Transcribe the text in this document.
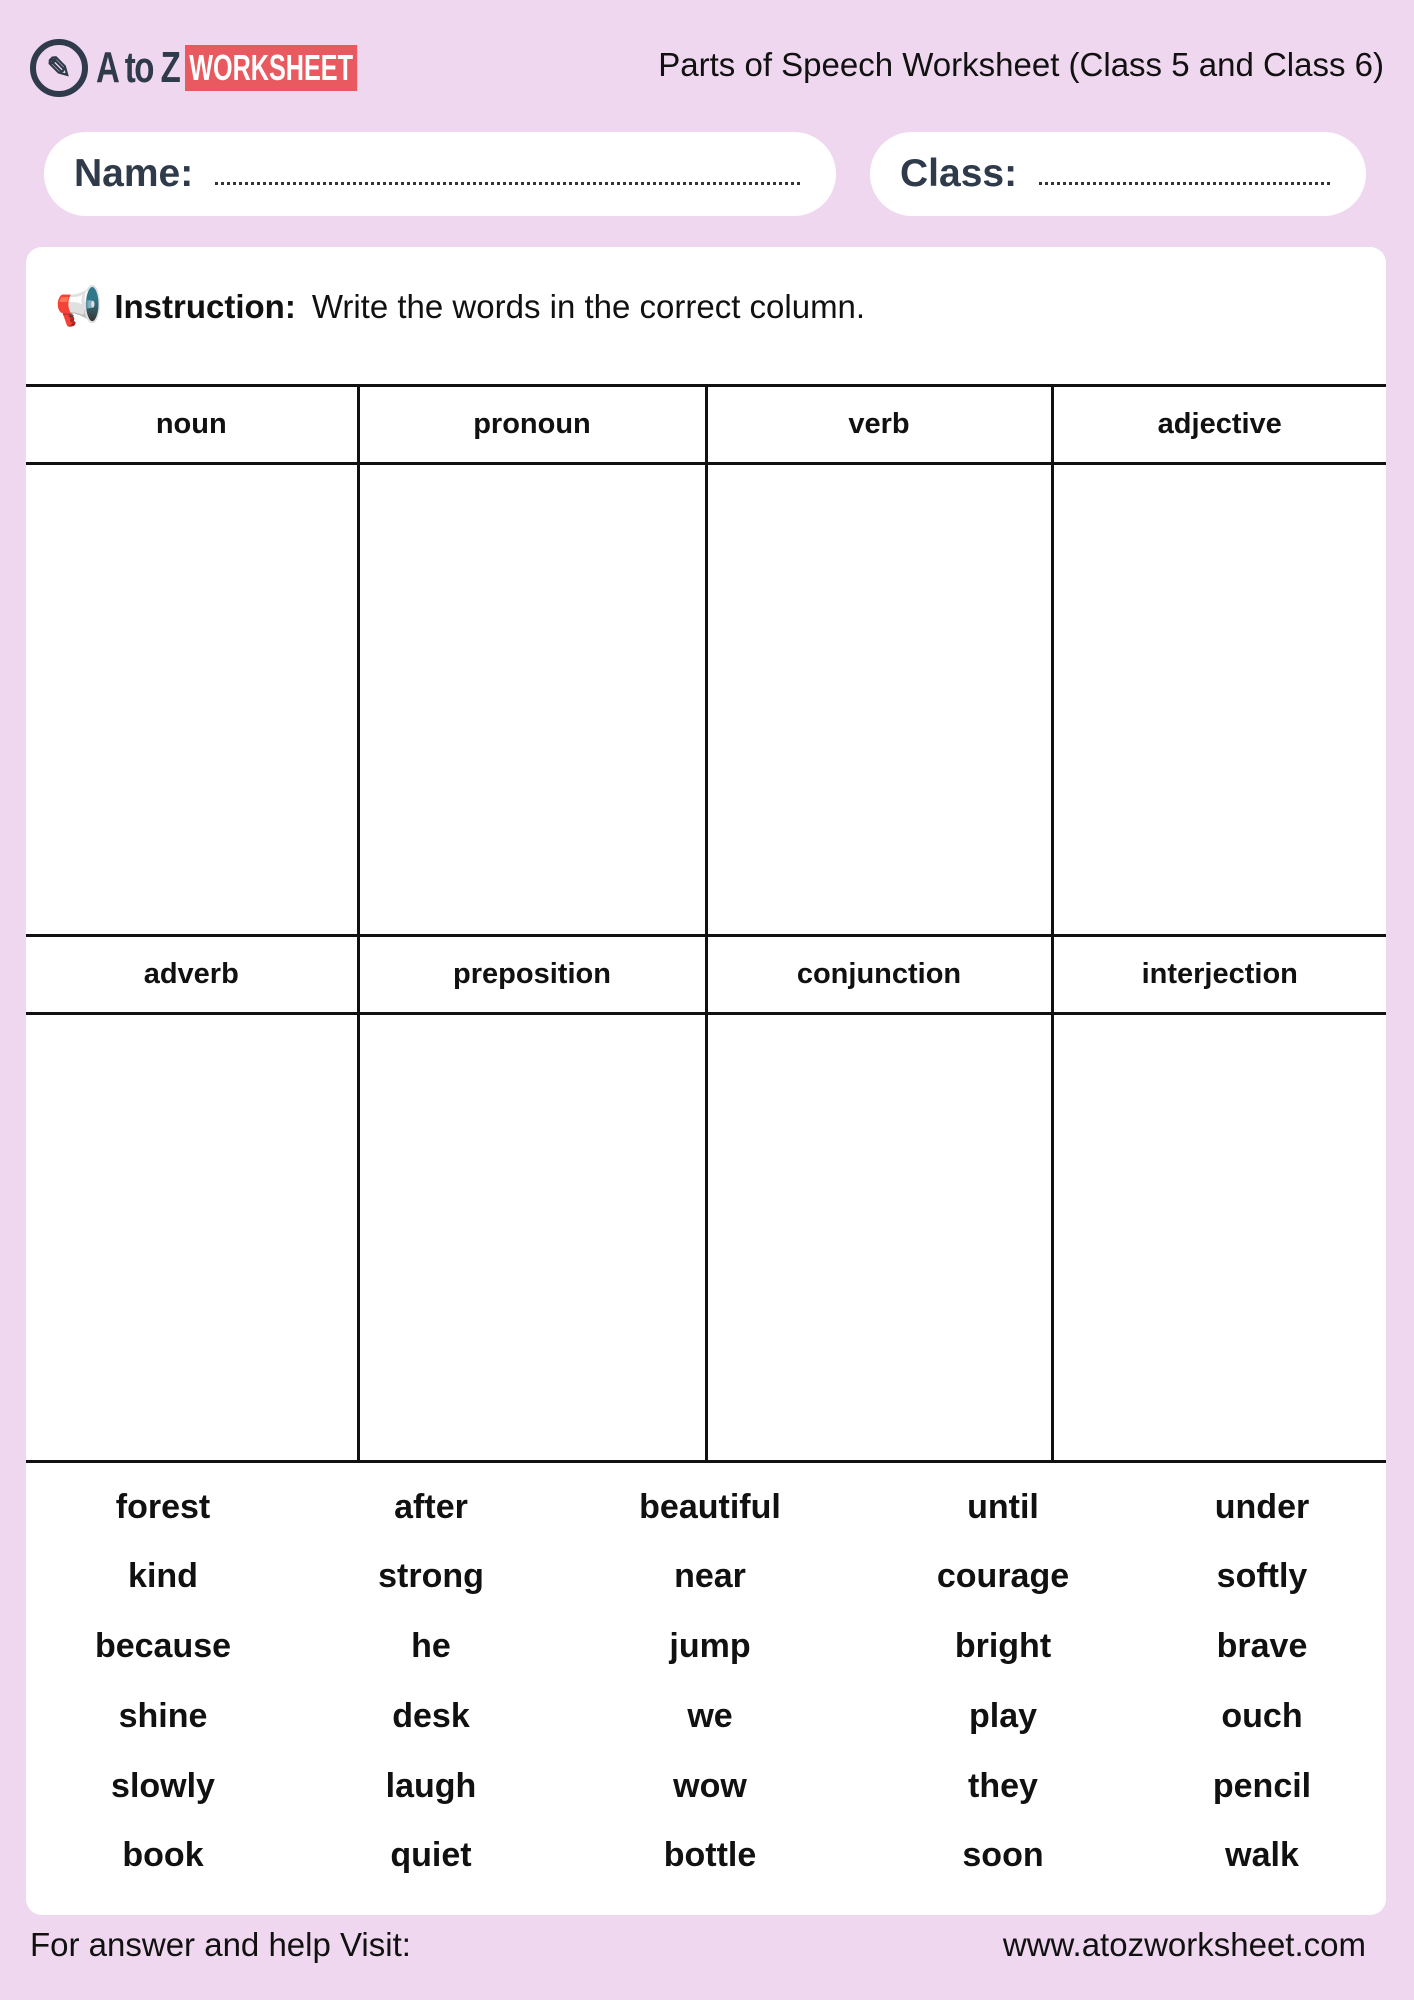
✎ A to Z WORKSHEET	Parts of Speech Worksheet (Class 5 and Class 6)
Name:	Class:
📢 Instruction: Write the words in the correct column.
noun	pronoun	verb	adjective

adverb	preposition	conjunction	interjection

forest	after	beautiful	until	under
kind	strong	near	courage	softly
because	he	jump	bright	brave
shine	desk	we	play	ouch
slowly	laugh	wow	they	pencil
book	quiet	bottle	soon	walk
For answer and help Visit:	www.atozworksheet.com
